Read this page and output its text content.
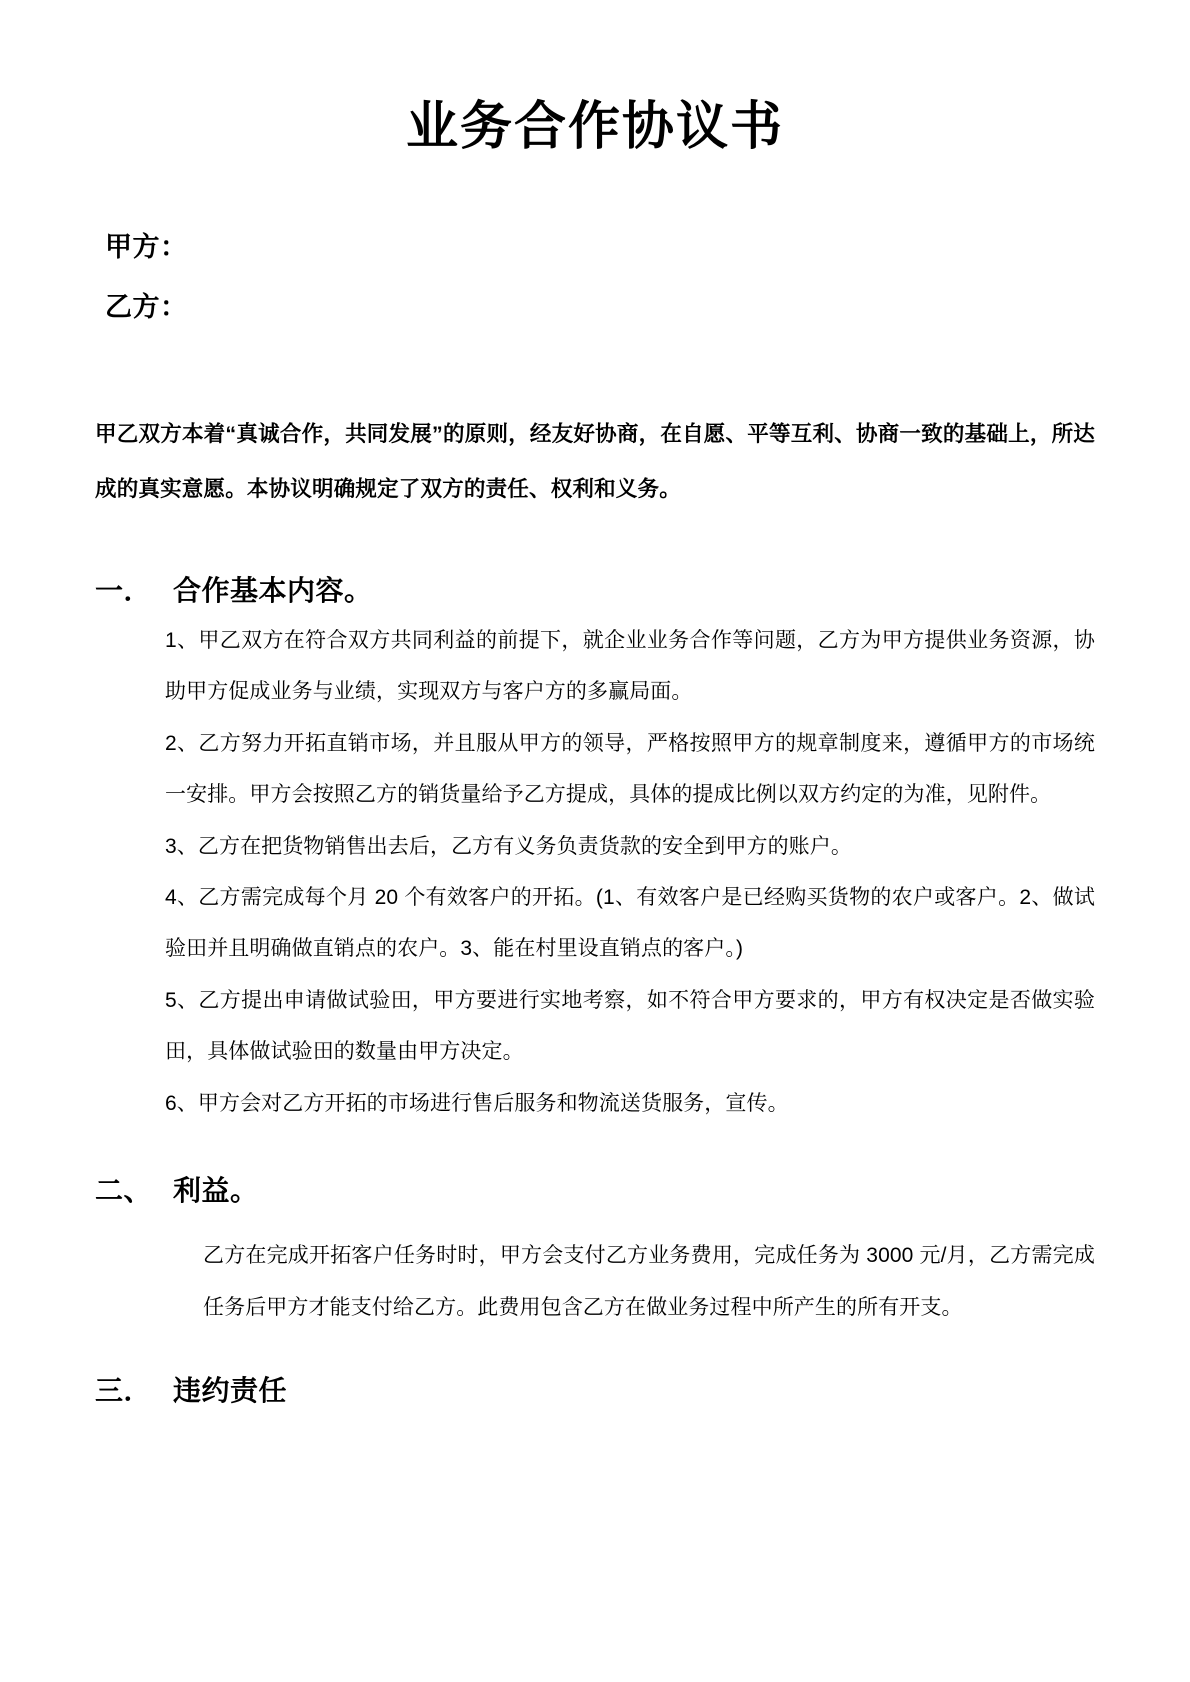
业务合作协议书
甲方：
乙方：

甲乙双方本着“真诚合作，共同发展”的原则，经友好协商，在自愿、平等互利、协商一致的基础上，所达成的真实意愿。本协议明确规定了双方的责任、权利和义务。

一． 合作基本内容。
1、甲乙双方在符合双方共同利益的前提下，就企业业务合作等问题，乙方为甲方提供业务资源，协助甲方促成业务与业绩，实现双方与客户方的多赢局面。
2、乙方努力开拓直销市场，并且服从甲方的领导，严格按照甲方的规章制度来，遵循甲方的市场统一安排。甲方会按照乙方的销货量给予乙方提成，具体的提成比例以双方约定的为准，见附件。
3、乙方在把货物销售出去后，乙方有义务负责货款的安全到甲方的账户。
4、乙方需完成每个月 20 个有效客户的开拓。(1、有效客户是已经购买货物的农户或客户。2、做试验田并且明确做直销点的农户。3、能在村里设直销点的客户。)
5、乙方提出申请做试验田，甲方要进行实地考察，如不符合甲方要求的，甲方有权决定是否做实验田，具体做试验田的数量由甲方决定。
6、甲方会对乙方开拓的市场进行售后服务和物流送货服务，宣传。
二、 利益。

乙方在完成开拓客户任务时时，甲方会支付乙方业务费用，完成任务为 3000 元/月，乙方需完成任务后甲方才能支付给乙方。此费用包含乙方在做业务过程中所产生的所有开支。

三． 违约责任
